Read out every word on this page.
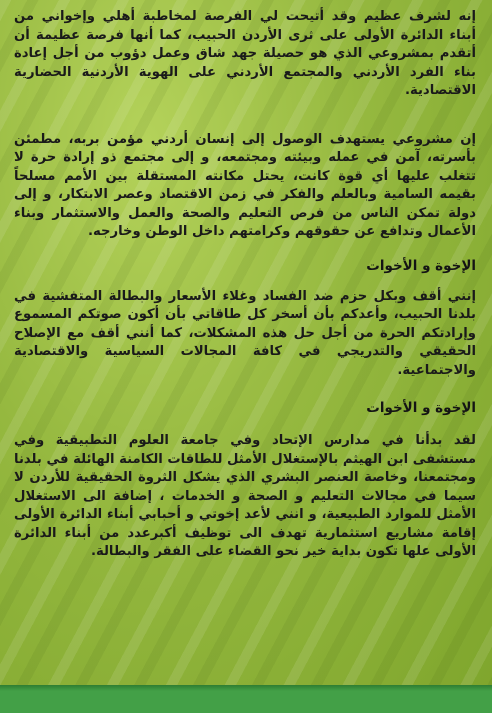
إنه لشرف عظيم وقد أتيحت لي الفرصة لمخاطبة أهلي وإخواني من أبناء الدائرة الأولى على ثرى الأردن الحبيب، كما أنها فرصة عظيمة أن أتقدم بمشروعي الذي هو حصيلة جهد شاق وعمل دؤوب من أجل إعادة بناء الفرد الأردني والمجتمع الأردني على الهوية الأردنية الحضارية الاقتصادية.

إن مشروعي يستهدف الوصول إلى إنسان أردني مؤمن بربه، مطمئن بأسرته، آمن في عمله وبيئته ومجتمعه، و إلى مجتمع ذو إرادة حرة لا تتغلب عليها أي قوة كانت، يحتل مكانته المستقلة بين الأمم مسلحاً بقيمه السامية وبالعلم والفكر في زمن الاقتصاد وعصر الابتكار، و إلى دولة تمكن الناس من فرص التعليم والصحة والعمل والاستثمار وبناء الأعمال وتدافع عن حقوقهم وكرامتهم داخل الوطن وخارجه.

الإخوة و الأخوات

إنني أقف وبكل حزم ضد الفساد وغلاء الأسعار والبطالة المتفشية في بلدنا الحبيب، وأعدكم بأن أسخر كل طاقاتي بأن أكون صوتكم المسموع وإرادتكم الحرة من أجل حل هذه المشكلات، كما أنني أقف مع الإصلاح الحقيقي والتدريجي في كافة المجالات السياسية والاقتصادية والاجتماعية.

الإخوة و الأخوات

لقد بدأنا في مدارس الإتحاد وفي جامعة العلوم التطبيقية وفي مستشفى ابن الهيثم بالإستغلال الأمثل للطاقات الكامنة الهائلة في بلدنا ومجتمعنا، وخاصة العنصر البشري الذي يشكل الثروة الحقيقية للأردن لا سيما في مجالات التعليم و الصحة و الخدمات ، إضافة الى الاستغلال الأمثل للموارد الطبيعية، و انني لأعد إخوتي و أحبابي أبناء الدائرة الأولى إقامة مشاريع استثمارية تهدف الى توظيف أكبرعدد من أبناء الدائرة الأولى علها تكون بداية خير نحو القضاء على الفقر والبطالة.
